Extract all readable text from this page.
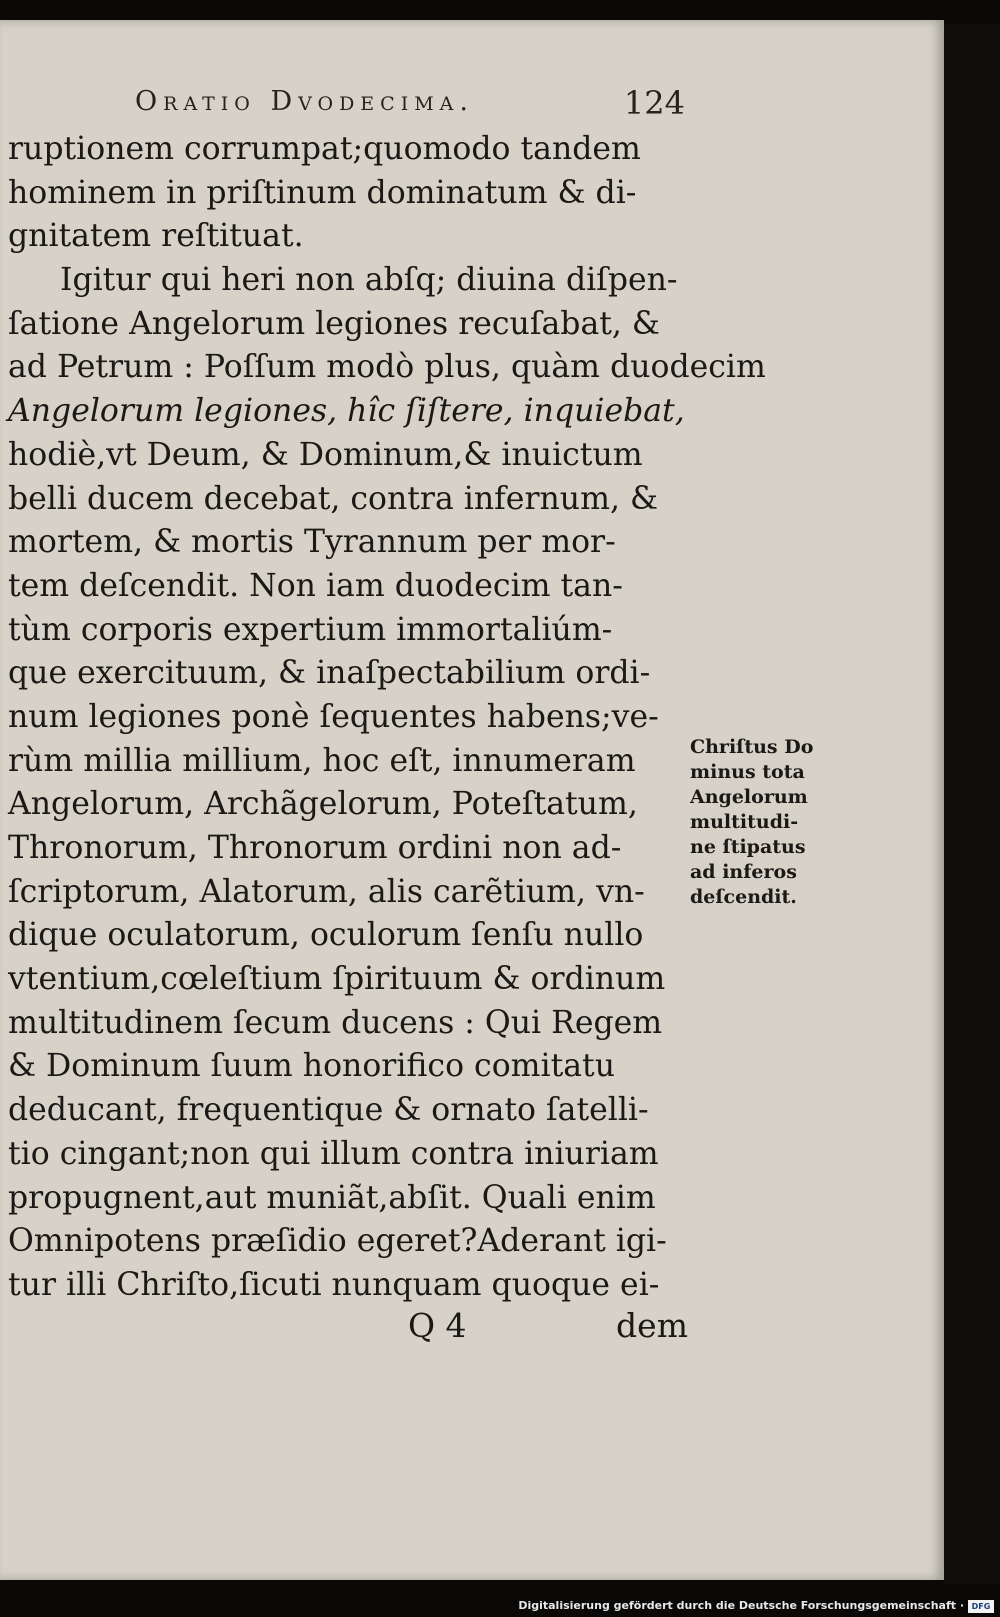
Oratio Dvodecima.	124
ruptionem corrumpat;quomodo tandem
hominem in priſtinum dominatum & di-
gnitatem reſtituat.
Igitur qui heri non abſq; diuina diſpen-
ſatione Angelorum legiones recuſabat, &
ad Petrum : Poſſum modò plus, quàm duodecim
Angelorum legiones, hîc ſiſtere, inquiebat,
hodiè,vt Deum, & Dominum,& inuictum
belli ducem decebat, contra infernum, &
mortem, & mortis Tyrannum per mor-
tem deſcendit. Non iam duodecim tan-
tùm corporis expertium immortaliúm-
que exercituum, & inaſpectabilium ordi-
num legiones ponè ſequentes habens;ve-
rùm millia millium, hoc eſt, innumeram
Angelorum, Archãgelorum, Poteſtatum,
Thronorum, Thronorum ordini non ad-
ſcriptorum, Alatorum, alis carẽtium, vn-
dique oculatorum, oculorum ſenſu nullo
vtentium,cœleſtium ſpirituum & ordinum
multitudinem ſecum ducens : Qui Regem
& Dominum ſuum honorifico comitatu
deducant, frequentique & ornato ſatelli-
tio cingant;non qui illum contra iniuriam
propugnent,aut muniãt,abſit. Quali enim
Omnipotens præſidio egeret?Aderant igi-
tur illi Chriſto,ſicuti nunquam quoque ei-
Chriſtus Do
minus tota
Angelorum
multitudi-
ne ſtipatus
ad inferos
deſcendit.
Q 4	dem
Digitalisierung gefördert durch die Deutsche Forschungsgemeinschaft · DFG
